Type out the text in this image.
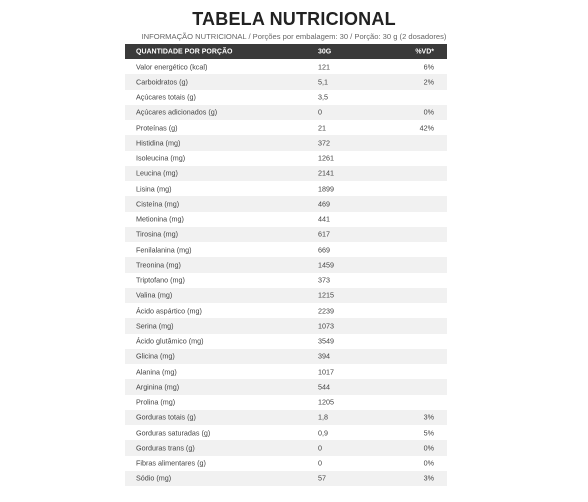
TABELA NUTRICIONAL
INFORMAÇÃO NUTRICIONAL / Porções por embalagem: 30 / Porção: 30 g (2 dosadores)
QUANTIDADE POR PORÇÃO	30G	%VD*
Valor energético (kcal)	121	6%
Carboidratos (g)	5,1	2%
Açúcares totais (g)	3,5
Açúcares adicionados (g)	0	0%
Proteínas (g)	21	42%
Histidina (mg)	372
Isoleucina (mg)	1261
Leucina (mg)	2141
Lisina (mg)	1899
Cisteína (mg)	469
Metionina (mg)	441
Tirosina (mg)	617
Fenilalanina (mg)	669
Treonina (mg)	1459
Triptofano (mg)	373
Valina (mg)	1215
Ácido aspártico (mg)	2239
Serina (mg)	1073
Ácido glutâmico (mg)	3549
Glicina (mg)	394
Alanina (mg)	1017
Arginina (mg)	544
Prolina (mg)	1205
Gorduras totais (g)	1,8	3%
Gorduras saturadas (g)	0,9	5%
Gorduras trans (g)	0	0%
Fibras alimentares (g)	0	0%
Sódio (mg)	57	3%
